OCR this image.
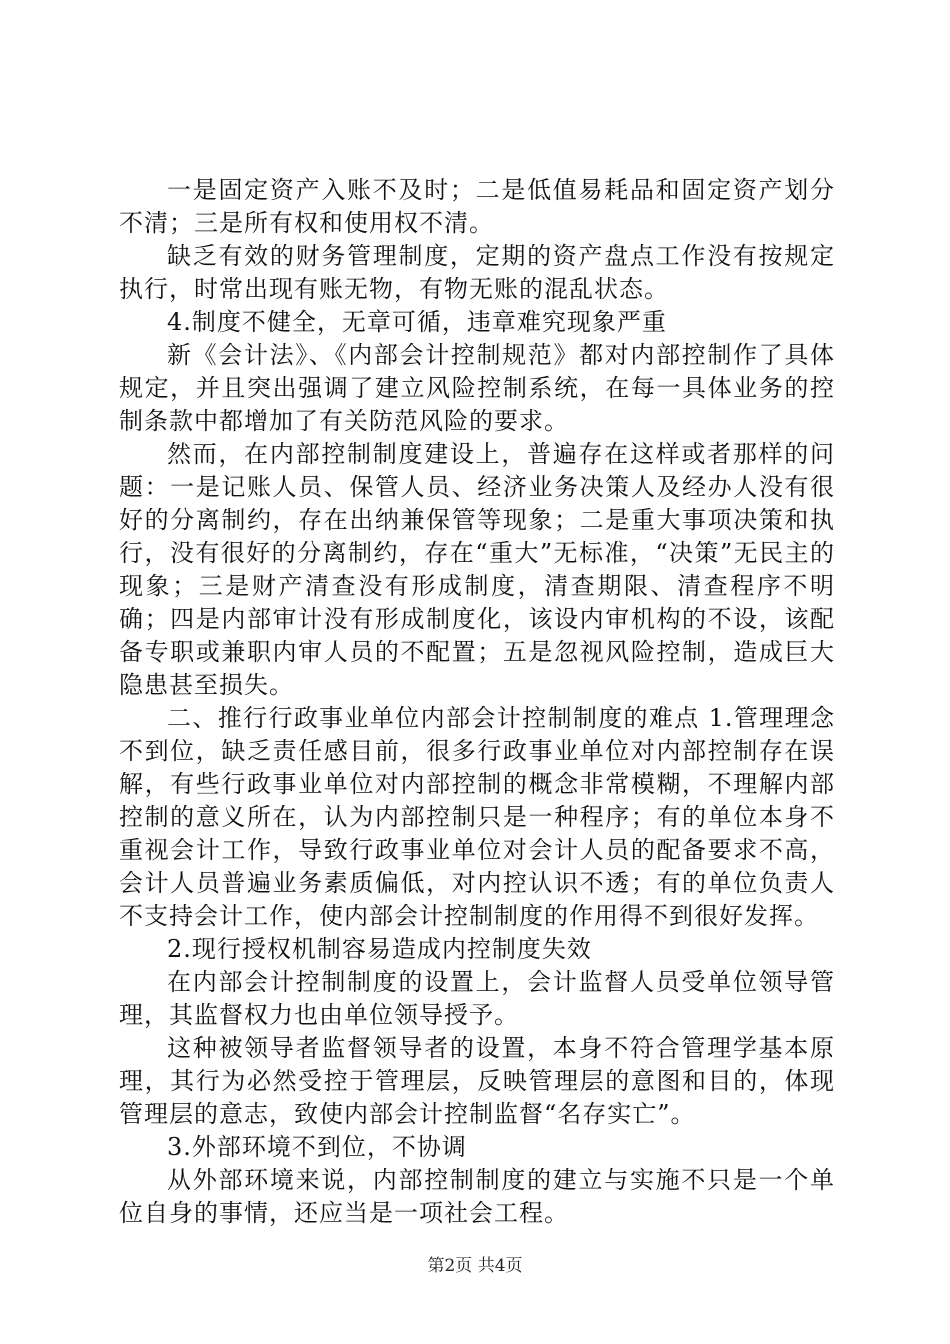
一是固定资产入账不及时；二是低值易耗品和固定资产划分不清；三是所有权和使用权不清。

缺乏有效的财务管理制度，定期的资产盘点工作没有按规定执行，时常出现有账无物，有物无账的混乱状态。

4.制度不健全，无章可循，违章难究现象严重

新《会计法》、《内部会计控制规范》都对内部控制作了具体规定，并且突出强调了建立风险控制系统，在每一具体业务的控制条款中都增加了有关防范风险的要求。

然而，在内部控制制度建设上，普遍存在这样或者那样的问题：一是记账人员、保管人员、经济业务决策人及经办人没有很好的分离制约，存在出纳兼保管等现象；二是重大事项决策和执行，没有很好的分离制约，存在“重大”无标准，“决策”无民主的现象；三是财产清查没有形成制度，清查期限、清查程序不明确；四是内部审计没有形成制度化，该设内审机构的不设，该配备专职或兼职内审人员的不配置；五是忽视风险控制，造成巨大隐患甚至损失。

二、推行行政事业单位内部会计控制制度的难点 1.管理理念不到位，缺乏责任感目前，很多行政事业单位对内部控制存在误解，有些行政事业单位对内部控制的概念非常模糊，不理解内部控制的意义所在，认为内部控制只是一种程序；有的单位本身不重视会计工作，导致行政事业单位对会计人员的配备要求不高，会计人员普遍业务素质偏低，对内控认识不透；有的单位负责人不支持会计工作，使内部会计控制制度的作用得不到很好发挥。

2.现行授权机制容易造成内控制度失效

在内部会计控制制度的设置上，会计监督人员受单位领导管理，其监督权力也由单位领导授予。

这种被领导者监督领导者的设置，本身不符合管理学基本原理，其行为必然受控于管理层，反映管理层的意图和目的，体现管理层的意志，致使内部会计控制监督“名存实亡”。

3.外部环境不到位，不协调

从外部环境来说，内部控制制度的建立与实施不只是一个单位自身的事情，还应当是一项社会工程。

第2页 共4页
